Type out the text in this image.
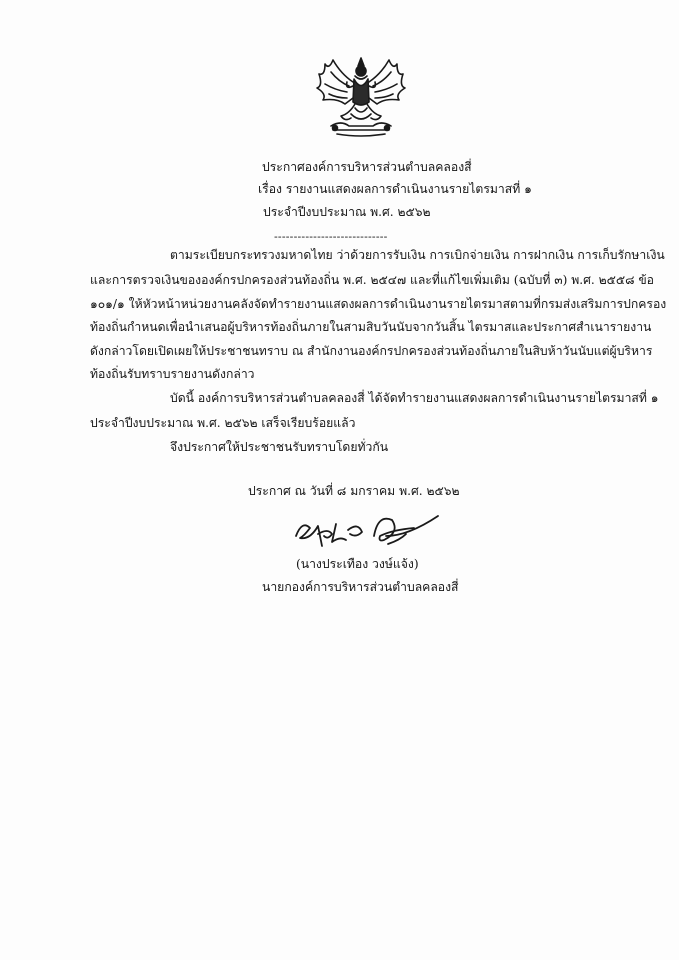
ประกาศองค์การบริหารส่วนตำบลคลองสี่
เรื่อง รายงานแสดงผลการดำเนินงานรายไตรมาสที่ ๑
ประจำปีงบประมาณ พ.ศ. ๒๕๖๒
-----------------------------
ตามระเบียบกระทรวงมหาดไทย ว่าด้วยการรับเงิน การเบิกจ่ายเงิน การฝากเงิน การเก็บรักษาเงิน
และการตรวจเงินขององค์กรปกครองส่วนท้องถิ่น พ.ศ. ๒๕๔๗ และที่แก้ไขเพิ่มเติม (ฉบับที่ ๓) พ.ศ. ๒๕๕๘ ข้อ
๑๐๑/๑ ให้หัวหน้าหน่วยงานคลังจัดทำรายงานแสดงผลการดำเนินงานรายไตรมาสตามที่กรมส่งเสริมการปกครอง
ท้องถิ่นกำหนดเพื่อนำเสนอผู้บริหารท้องถิ่นภายในสามสิบวันนับจากวันสิ้น ไตรมาสและประกาศสำเนารายงาน
ดังกล่าวโดยเปิดเผยให้ประชาชนทราบ ณ สำนักงานองค์กรปกครองส่วนท้องถิ่นภายในสิบห้าวันนับแต่ผู้บริหาร
ท้องถิ่นรับทราบรายงานดังกล่าว
บัดนี้ องค์การบริหารส่วนตำบลคลองสี่ ได้จัดทำรายงานแสดงผลการดำเนินงานรายไตรมาสที่ ๑
ประจำปีงบประมาณ พ.ศ. ๒๕๖๒ เสร็จเรียบร้อยแล้ว
จึงประกาศให้ประชาชนรับทราบโดยทั่วกัน
ประกาศ ณ วันที่ ๘ มกราคม พ.ศ. ๒๕๖๒
(นางประเทือง วงษ์แจ้ง)
นายกองค์การบริหารส่วนตำบลคลองสี่
